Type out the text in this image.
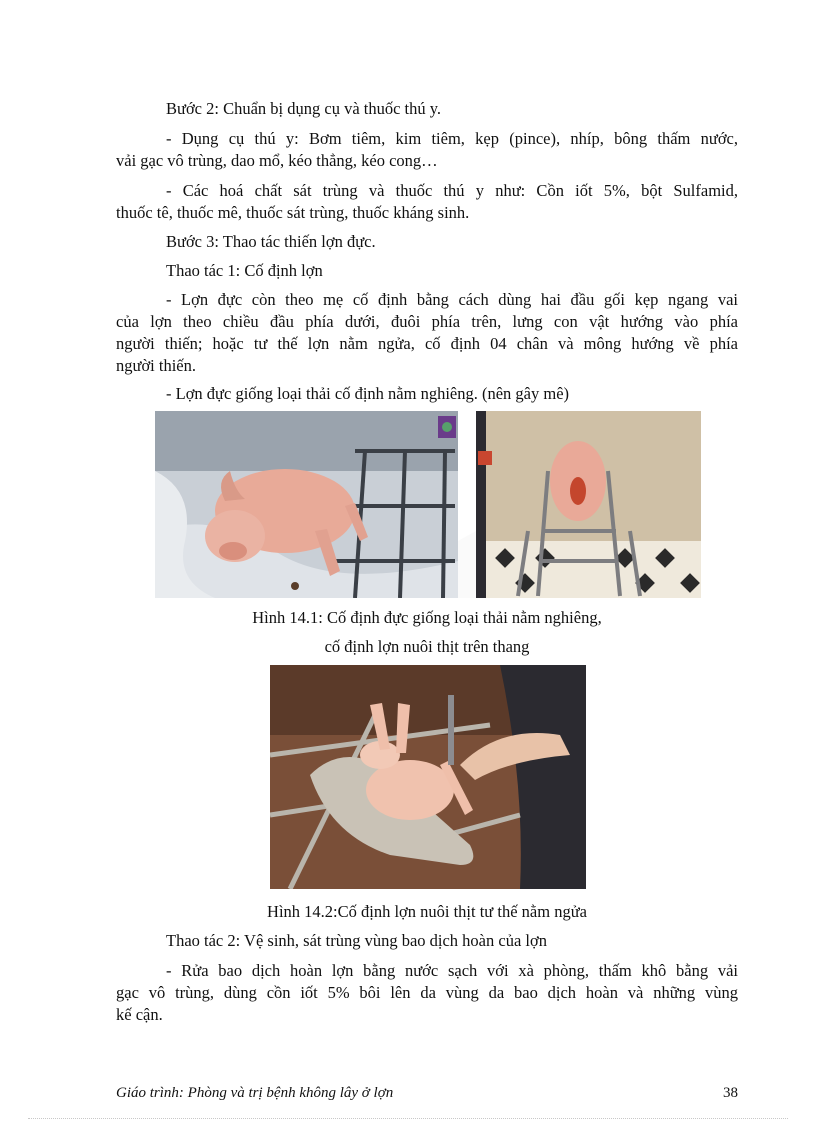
Bước 2: Chuẩn bị dụng cụ và thuốc thú y.
- Dụng cụ thú y: Bơm tiêm, kim tiêm, kẹp (pince), nhíp, bông thấm nước,
vải gạc vô trùng, dao mổ, kéo thẳng, kéo cong…
- Các hoá chất sát trùng và thuốc thú y như: Cồn iốt 5%, bột Sulfamid,
thuốc tê, thuốc mê, thuốc sát trùng, thuốc kháng sinh.
Bước 3: Thao tác thiến lợn đực.
Thao tác 1: Cố định lợn
- Lợn đực còn theo mẹ cố định bằng cách dùng hai đầu gối kẹp ngang vai
của lợn theo chiều đầu phía dưới, đuôi phía trên, lưng con vật hướng vào phía
người thiến; hoặc tư thế lợn nằm ngửa, cố định 04 chân và mông hướng về phía
người thiến.
- Lợn đực giống loại thải cố định nằm nghiêng. (nên gây mê)
Hình 14.1: Cố định đực giống loại thải nằm nghiêng,
cố định lợn nuôi thịt trên thang
Hình 14.2:Cố định lợn nuôi thịt tư thế nằm ngửa
Thao tác 2: Vệ sinh, sát trùng vùng bao dịch hoàn của lợn
- Rửa bao dịch hoàn lợn bằng nước sạch với xà phòng, thấm khô bằng vải
gạc vô trùng, dùng cồn iốt 5% bôi lên da vùng da bao dịch hoàn và những vùng
kế cận.
Giáo trình: Phòng và trị bệnh không lây ở lợn	38
